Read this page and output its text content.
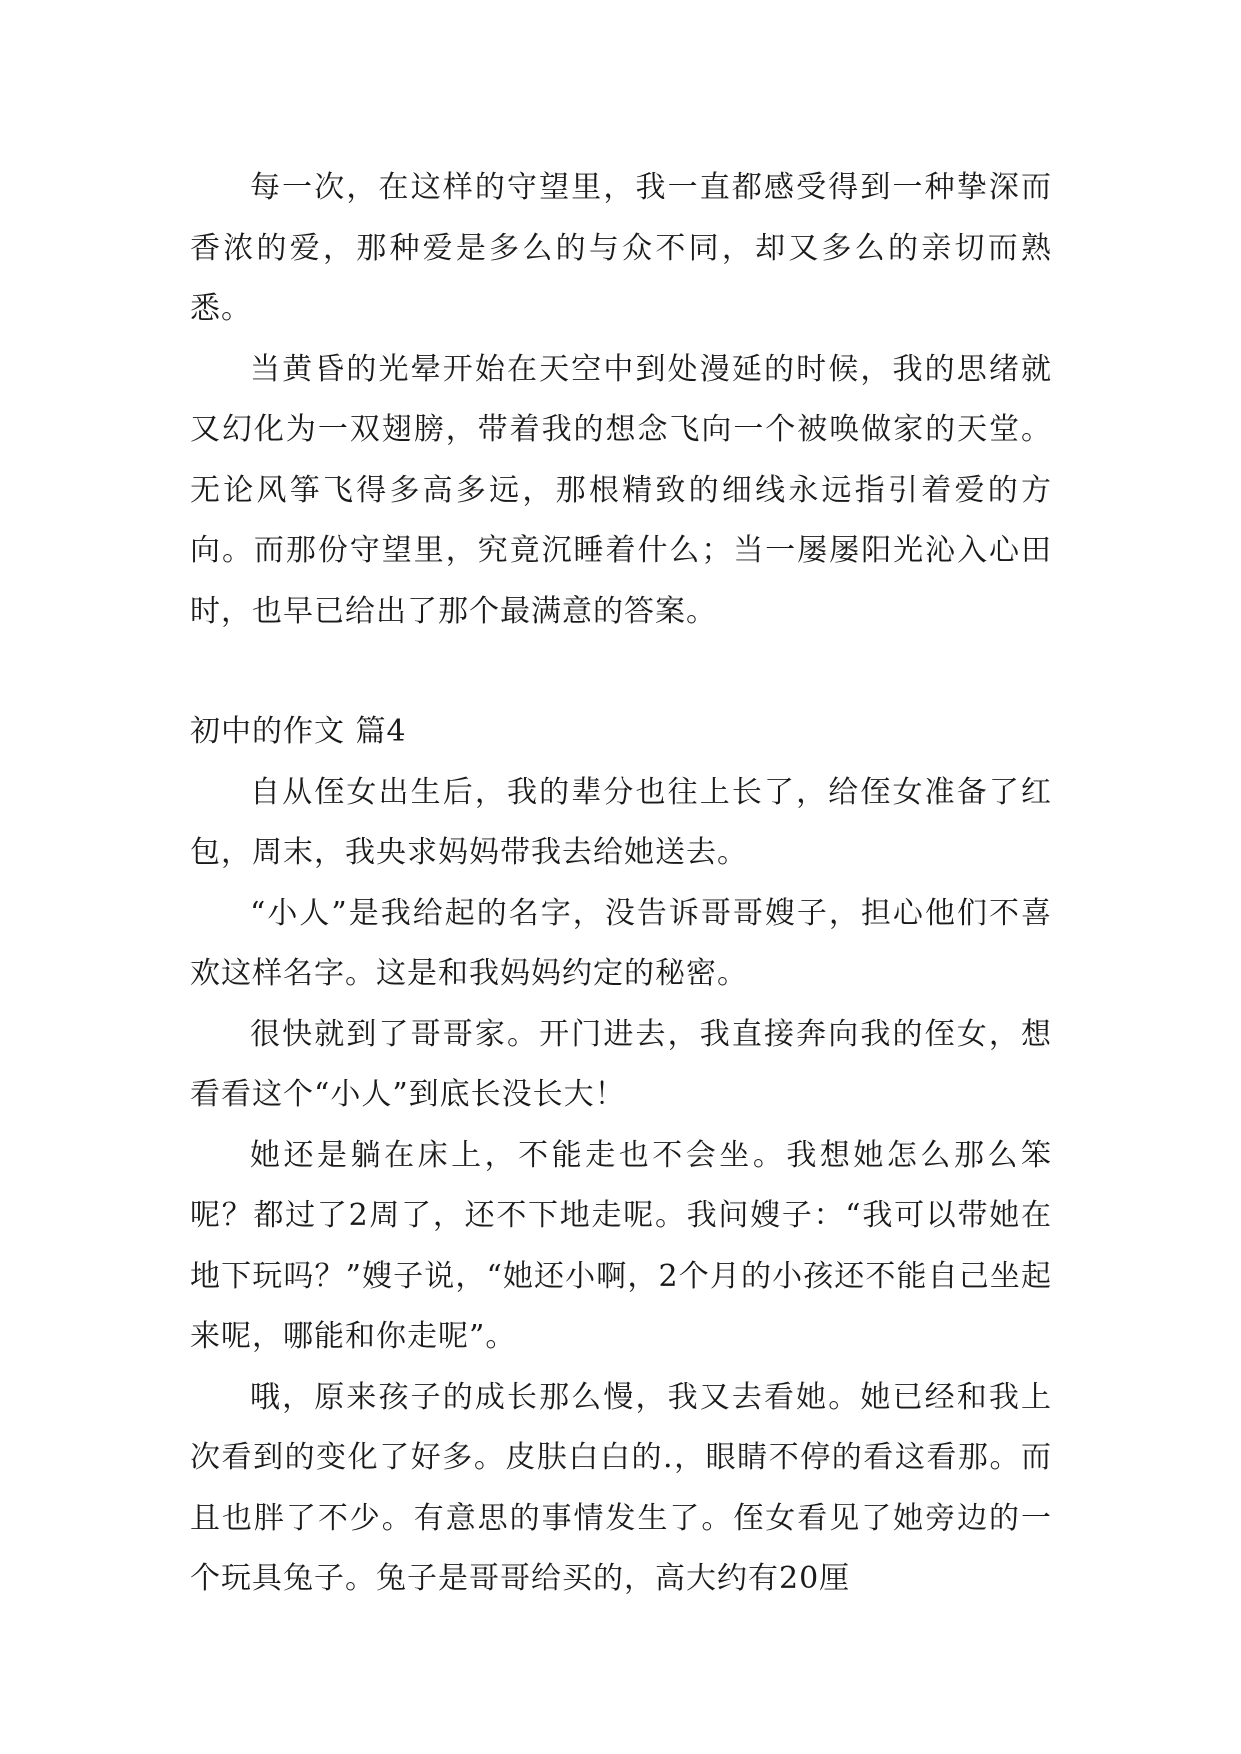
每一次，在这样的守望里，我一直都感受得到一种挚深而香浓的爱，那种爱是多么的与众不同，却又多么的亲切而熟悉。

当黄昏的光晕开始在天空中到处漫延的时候，我的思绪就又幻化为一双翅膀，带着我的想念飞向一个被唤做家的天堂。无论风筝飞得多高多远，那根精致的细线永远指引着爱的方向。而那份守望里，究竟沉睡着什么；当一屡屡阳光沁入心田时，也早已给出了那个最满意的答案。

初中的作文 篇4

自从侄女出生后，我的辈分也往上长了，给侄女准备了红包，周末，我央求妈妈带我去给她送去。

“小人”是我给起的名字，没告诉哥哥嫂子，担心他们不喜欢这样名字。这是和我妈妈约定的秘密。

很快就到了哥哥家。开门进去，我直接奔向我的侄女，想看看这个“小人”到底长没长大！

她还是躺在床上，不能走也不会坐。我想她怎么那么笨呢？都过了2周了，还不下地走呢。我问嫂子：“我可以带她在地下玩吗？”嫂子说，“她还小啊，2个月的小孩还不能自己坐起来呢，哪能和你走呢”。

哦，原来孩子的成长那么慢，我又去看她。她已经和我上次看到的变化了好多。皮肤白白的.，眼睛不停的看这看那。而且也胖了不少。有意思的事情发生了。侄女看见了她旁边的一个玩具兔子。兔子是哥哥给买的，高大约有20厘
